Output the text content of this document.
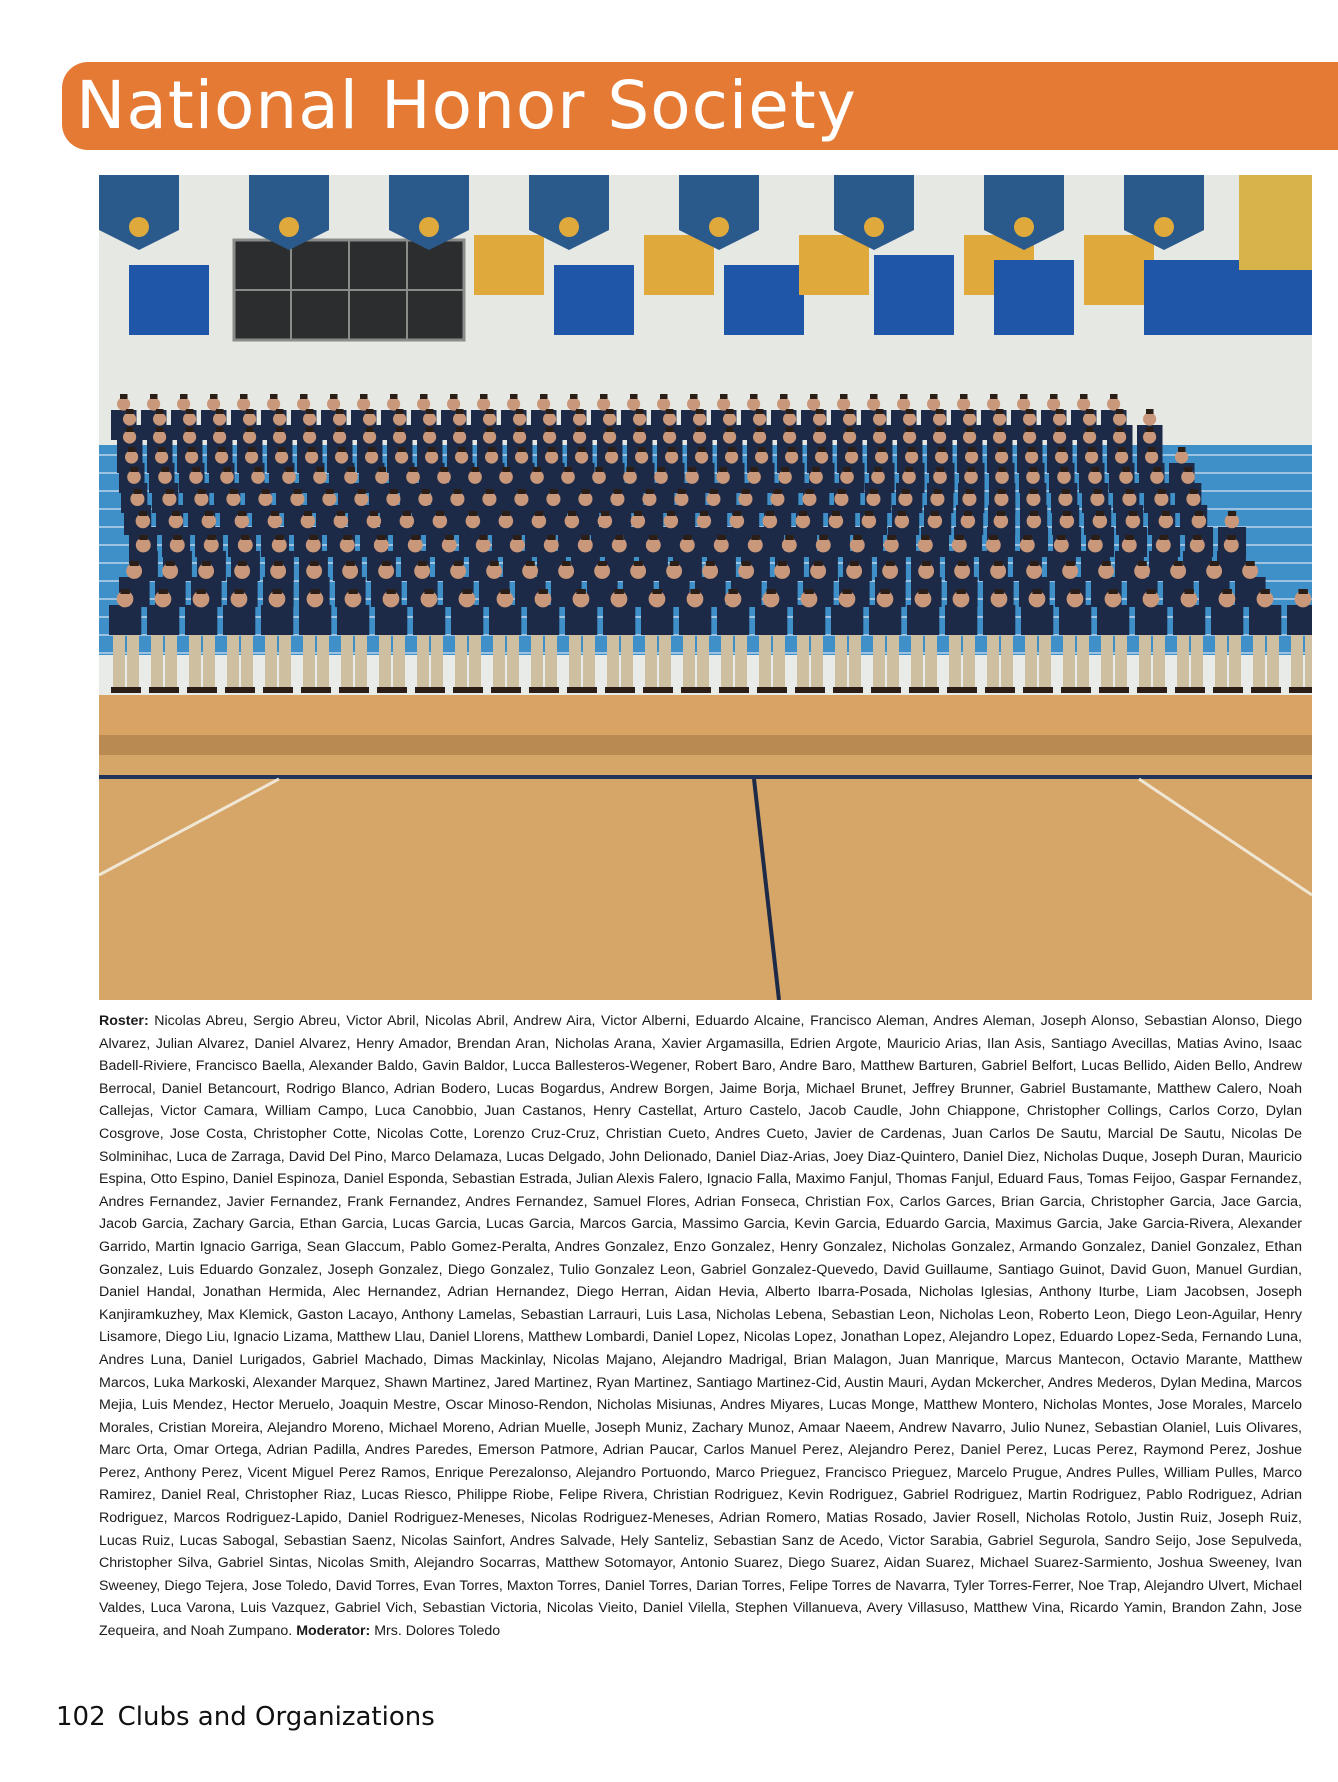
National Honor Society

Roster: Nicolas Abreu, Sergio Abreu, Victor Abril, Nicolas Abril, Andrew Aira, Victor Alberni, Eduardo Alcaine, Francisco Aleman, Andres Aleman, Joseph Alonso, Sebastian Alonso, Diego Alvarez, Julian Alvarez, Daniel Alvarez, Henry Amador, Brendan Aran, Nicholas Arana, Xavier Argamasilla, Edrien Argote, Mauricio Arias, Ilan Asis, Santiago Avecillas, Matias Avino, Isaac Badell-Riviere, Francisco Baella, Alexander Baldo, Gavin Baldor, Lucca Ballesteros-Wegener, Robert Baro, Andre Baro, Matthew Barturen, Gabriel Belfort, Lucas Bellido, Aiden Bello, Andrew Berrocal, Daniel Betancourt, Rodrigo Blanco, Adrian Bodero, Lucas Bogardus, Andrew Borgen, Jaime Borja, Michael Brunet, Jeffrey Brunner, Gabriel Bustamante, Matthew Calero, Noah Callejas, Victor Camara, William Campo, Luca Canobbio, Juan Castanos, Henry Castellat, Arturo Castelo, Jacob Caudle, John Chiappone, Christopher Collings, Carlos Corzo, Dylan Cosgrove, Jose Costa, Christopher Cotte, Nicolas Cotte, Lorenzo Cruz-Cruz, Christian Cueto, Andres Cueto, Javier de Cardenas, Juan Carlos De Sautu, Marcial De Sautu, Nicolas De Solminihac, Luca de Zarraga, David Del Pino, Marco Delamaza, Lucas Delgado, John Delionado, Daniel Diaz-Arias, Joey Diaz-Quintero, Daniel Diez, Nicholas Duque, Joseph Duran, Mauricio Espina, Otto Espino, Daniel Espinoza, Daniel Esponda, Sebastian Estrada, Julian Alexis Falero, Ignacio Falla, Maximo Fanjul, Thomas Fanjul, Eduard Faus, Tomas Feijoo, Gaspar Fernandez, Andres Fernandez, Javier Fernandez, Frank Fernandez, Andres Fernandez, Samuel Flores, Adrian Fonseca, Christian Fox, Carlos Garces, Brian Garcia, Christopher Garcia, Jace Garcia, Jacob Garcia, Zachary Garcia, Ethan Garcia, Lucas Garcia, Lucas Garcia, Marcos Garcia, Massimo Garcia, Kevin Garcia, Eduardo Garcia, Maximus Garcia, Jake Garcia-Rivera, Alexander Garrido, Martin Ignacio Garriga, Sean Glaccum, Pablo Gomez-Peralta, Andres Gonzalez, Enzo Gonzalez, Henry Gonzalez, Nicholas Gonzalez, Armando Gonzalez, Daniel Gonzalez, Ethan Gonzalez, Luis Eduardo Gonzalez, Joseph Gonzalez, Diego Gonzalez, Tulio Gonzalez Leon, Gabriel Gonzalez-Quevedo, David Guillaume, Santiago Guinot, David Guon, Manuel Gurdian, Daniel Handal, Jonathan Hermida, Alec Hernandez, Adrian Hernandez, Diego Herran, Aidan Hevia, Alberto Ibarra-Posada, Nicholas Iglesias, Anthony Iturbe, Liam Jacobsen, Joseph Kanjiramkuzhey, Max Klemick, Gaston Lacayo, Anthony Lamelas, Sebastian Larrauri, Luis Lasa, Nicholas Lebena, Sebastian Leon, Nicholas Leon, Roberto Leon, Diego Leon-Aguilar, Henry Lisamore, Diego Liu, Ignacio Lizama, Matthew Llau, Daniel Llorens, Matthew Lombardi, Daniel Lopez, Nicolas Lopez, Jonathan Lopez, Alejandro Lopez, Eduardo Lopez-Seda, Fernando Luna, Andres Luna, Daniel Lurigados, Gabriel Machado, Dimas Mackinlay, Nicolas Majano, Alejandro Madrigal, Brian Malagon, Juan Manrique, Marcus Mantecon, Octavio Marante, Matthew Marcos, Luka Markoski, Alexander Marquez, Shawn Martinez, Jared Martinez, Ryan Martinez, Santiago Martinez-Cid, Austin Mauri, Aydan Mckercher, Andres Mederos, Dylan Medina, Marcos Mejia, Luis Mendez, Hector Meruelo, Joaquin Mestre, Oscar Minoso-Rendon, Nicholas Misiunas, Andres Miyares, Lucas Monge, Matthew Montero, Nicholas Montes, Jose Morales, Marcelo Morales, Cristian Moreira, Alejandro Moreno, Michael Moreno, Adrian Muelle, Joseph Muniz, Zachary Munoz, Amaar Naeem, Andrew Navarro, Julio Nunez, Sebastian Olaniel, Luis Olivares, Marc Orta, Omar Ortega, Adrian Padilla, Andres Paredes, Emerson Patmore, Adrian Paucar, Carlos Manuel Perez, Alejandro Perez, Daniel Perez, Lucas Perez, Raymond Perez, Joshue Perez, Anthony Perez, Vicent Miguel Perez Ramos, Enrique Perezalonso, Alejandro Portuondo, Marco Prieguez, Francisco Prieguez, Marcelo Prugue, Andres Pulles, William Pulles, Marco Ramirez, Daniel Real, Christopher Riaz, Lucas Riesco, Philippe Riobe, Felipe Rivera, Christian Rodriguez, Kevin Rodriguez, Gabriel Rodriguez, Martin Rodriguez, Pablo Rodriguez, Adrian Rodriguez, Marcos Rodriguez-Lapido, Daniel Rodriguez-Meneses, Nicolas Rodriguez-Meneses, Adrian Romero, Matias Rosado, Javier Rosell, Nicholas Rotolo, Justin Ruiz, Joseph Ruiz, Lucas Ruiz, Lucas Sabogal, Sebastian Saenz, Nicolas Sainfort, Andres Salvade, Hely Santeliz, Sebastian Sanz de Acedo, Victor Sarabia, Gabriel Segurola, Sandro Seijo, Jose Sepulveda, Christopher Silva, Gabriel Sintas, Nicolas Smith, Alejandro Socarras, Matthew Sotomayor, Antonio Suarez, Diego Suarez, Aidan Suarez, Michael Suarez-Sarmiento, Joshua Sweeney, Ivan Sweeney, Diego Tejera, Jose Toledo, David Torres, Evan Torres, Maxton Torres, Daniel Torres, Darian Torres, Felipe Torres de Navarra, Tyler Torres-Ferrer, Noe Trap, Alejandro Ulvert, Michael Valdes, Luca Varona, Luis Vazquez, Gabriel Vich, Sebastian Victoria, Nicolas Vieito, Daniel Vilella, Stephen Villanueva, Avery Villasuso, Matthew Vina, Ricardo Yamin, Brandon Zahn, Jose Zequeira, and Noah Zumpano. Moderator: Mrs. Dolores Toledo

102 Clubs and Organizations
